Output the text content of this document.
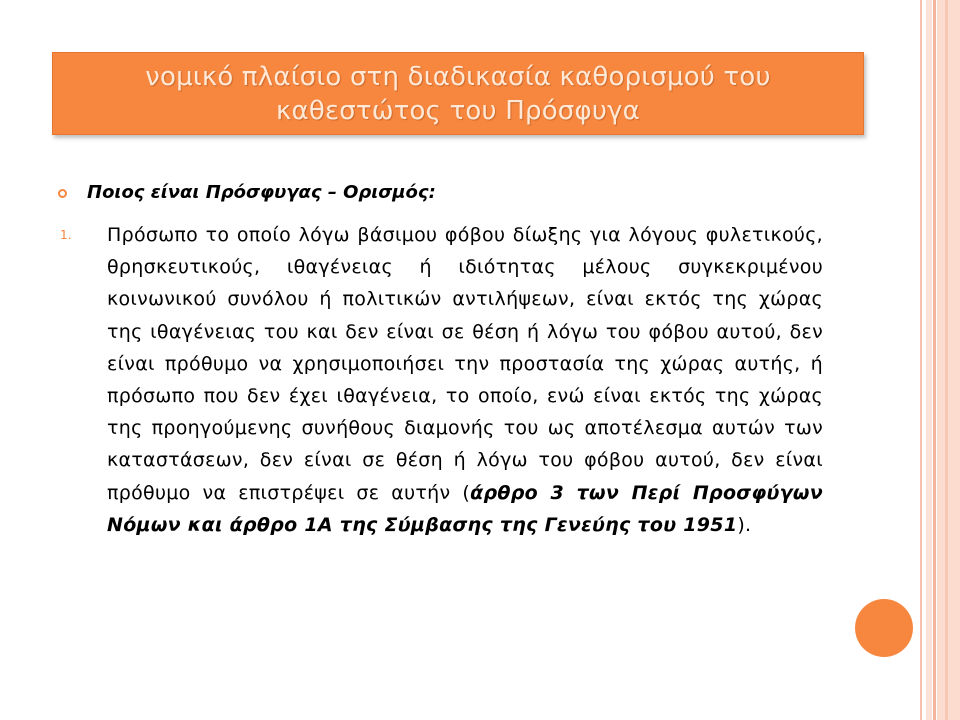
νομικό πλαίσιο στη διαδικασία καθορισμού του
καθεστώτος του Πρόσφυγα
Ποιος είναι Πρόσφυγας – Ορισμός:
1. Πρόσωπο το οποίο λόγω βάσιμου φόβου δίωξης για λόγους φυλετικούς, θρησκευτικούς, ιθαγένειας ή ιδιότητας μέλους συγκεκριμένου κοινωνικού συνόλου ή πολιτικών αντιλήψεων, είναι εκτός της χώρας της ιθαγένειας του και δεν είναι σε θέση ή λόγω του φόβου αυτού, δεν είναι πρόθυμο να χρησιμοποιήσει την προστασία της χώρας αυτής, ή πρόσωπο που δεν έχει ιθαγένεια, το οποίο, ενώ είναι εκτός της χώρας της προηγούμενης συνήθους διαμονής του ως αποτέλεσμα αυτών των καταστάσεων, δεν είναι σε θέση ή λόγω του φόβου αυτού, δεν είναι πρόθυμο να επιστρέψει σε αυτήν (άρθρο 3 των Περί Προσφύγων Νόμων και άρθρο 1Α της Σύμβασης της Γενεύης του 1951).
